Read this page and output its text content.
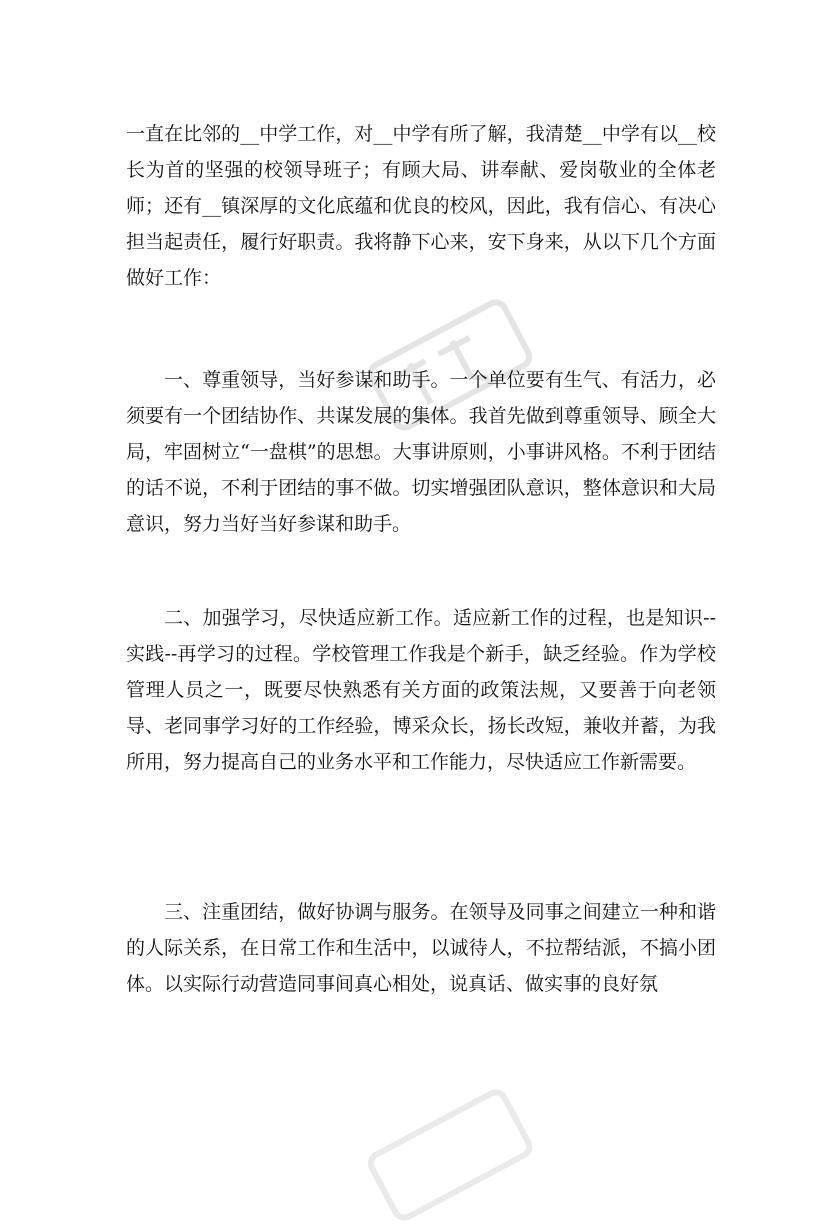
一直在比邻的__中学工作，对__中学有所了解，我清楚__中学有以__校长为首的坚强的校领导班子；有顾大局、讲奉献、爱岗敬业的全体老师；还有__镇深厚的文化底蕴和优良的校风，因此，我有信心、有决心担当起责任，履行好职责。我将静下心来，安下身来，从以下几个方面做好工作：

一、尊重领导，当好参谋和助手。一个单位要有生气、有活力，必须要有一个团结协作、共谋发展的集体。我首先做到尊重领导、顾全大局，牢固树立“一盘棋”的思想。大事讲原则，小事讲风格。不利于团结的话不说，不利于团结的事不做。切实增强团队意识，整体意识和大局意识，努力当好当好参谋和助手。

二、加强学习，尽快适应新工作。适应新工作的过程，也是知识--实践--再学习的过程。学校管理工作我是个新手，缺乏经验。作为学校管理人员之一，既要尽快熟悉有关方面的政策法规，又要善于向老领导、老同事学习好的工作经验，博采众长，扬长改短，兼收并蓄，为我所用，努力提高自己的业务水平和工作能力，尽快适应工作新需要。

三、注重团结，做好协调与服务。在领导及同事之间建立一种和谐的人际关系，在日常工作和生活中，以诚待人，不拉帮结派，不搞小团体。以实际行动营造同事间真心相处，说真话、做实事的良好氛
